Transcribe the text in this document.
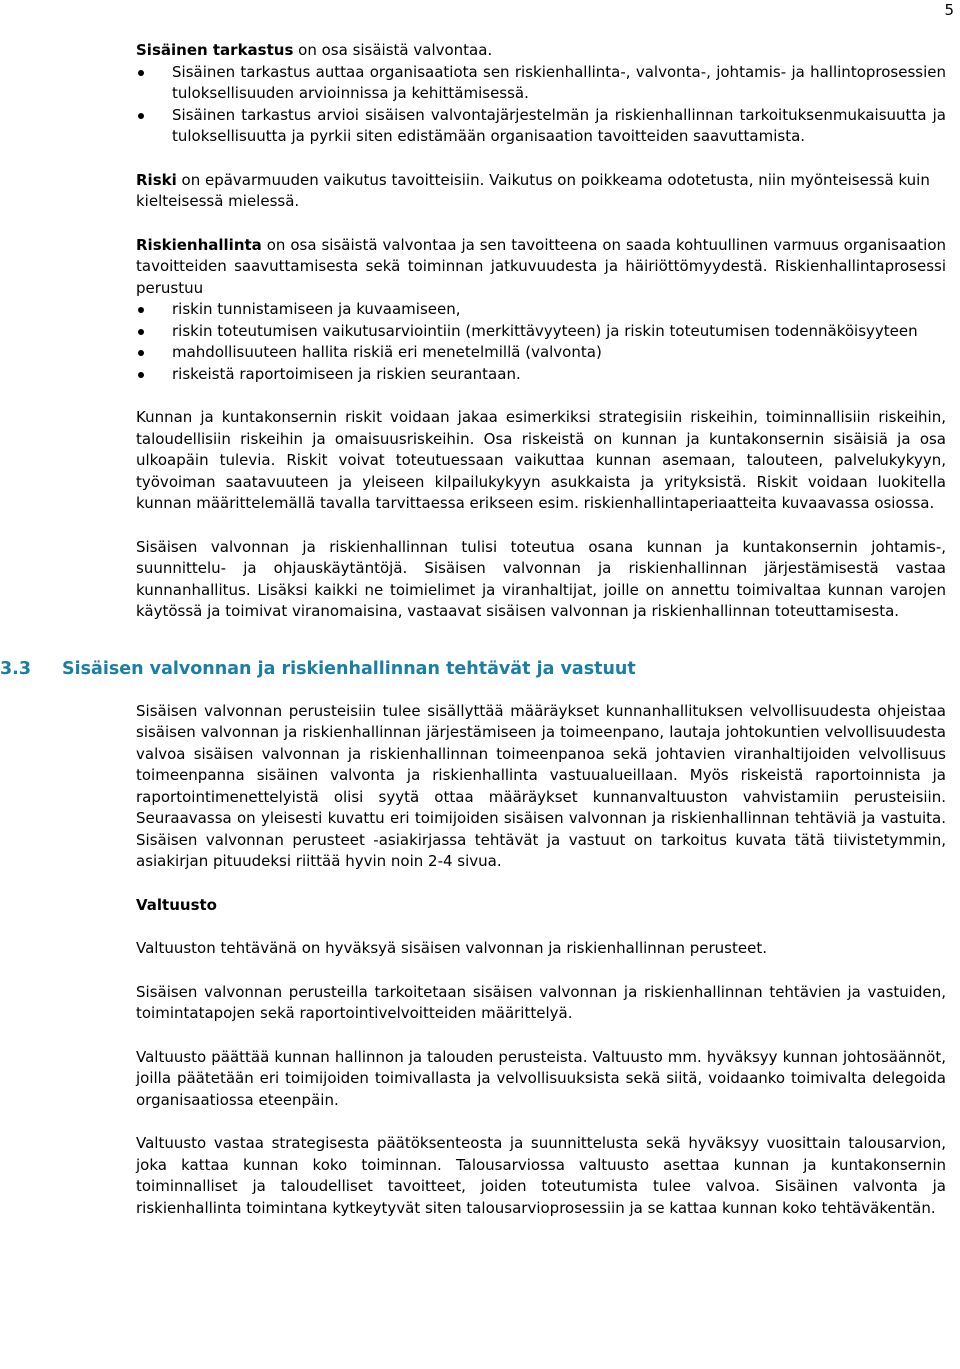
5

Sisäinen tarkastus on osa sisäistä valvontaa.

Sisäinen tarkastus auttaa organisaatiota sen riskienhallinta-, valvonta-, johtamis- ja hallintoprosessien tuloksellisuuden arvioinnissa ja kehittämisessä.
Sisäinen tarkastus arvioi sisäisen valvontajärjestelmän ja riskienhallinnan tarkoituksenmukaisuutta ja tuloksellisuutta ja pyrkii siten edistämään organisaation tavoitteiden saavuttamista.

Riski on epävarmuuden vaikutus tavoitteisiin. Vaikutus on poikkeama odotetusta, niin myönteisessä kuin kielteisessä mielessä.

Riskienhallinta on osa sisäistä valvontaa ja sen tavoitteena on saada kohtuullinen varmuus organisaation tavoitteiden saavuttamisesta sekä toiminnan jatkuvuudesta ja häiriöttömyydestä. Riskienhallintaprosessi perustuu

riskin tunnistamiseen ja kuvaamiseen,
riskin toteutumisen vaikutusarviointiin (merkittävyyteen) ja riskin toteutumisen todennäköisyyteen
mahdollisuuteen hallita riskiä eri menetelmillä (valvonta)
riskeistä raportoimiseen ja riskien seurantaan.

Kunnan ja kuntakonsernin riskit voidaan jakaa esimerkiksi strategisiin riskeihin, toiminnallisiin riskeihin, taloudellisiin riskeihin ja omaisuusriskeihin. Osa riskeistä on kunnan ja kuntakonsernin sisäisiä ja osa ulkoapäin tulevia. Riskit voivat toteutuessaan vaikuttaa kunnan asemaan, talouteen, palvelukykyyn, työvoiman saatavuuteen ja yleiseen kilpailukykyyn asukkaista ja yrityksistä. Riskit voidaan luokitella kunnan määrittelemällä tavalla tarvittaessa erikseen esim. riskienhallintaperiaatteita kuvaavassa osiossa.

Sisäisen valvonnan ja riskienhallinnan tulisi toteutua osana kunnan ja kuntakonsernin johtamis-, suunnittelu- ja ohjauskäytäntöjä. Sisäisen valvonnan ja riskienhallinnan järjestämisestä vastaa kunnanhallitus. Lisäksi kaikki ne toimielimet ja viranhaltijat, joille on annettu toimivaltaa kunnan varojen käytössä ja toimivat viranomaisina, vastaavat sisäisen valvonnan ja riskienhallinnan toteuttamisesta.

3.3 Sisäisen valvonnan ja riskienhallinnan tehtävät ja vastuut

Sisäisen valvonnan perusteisiin tulee sisällyttää määräykset kunnanhallituksen velvollisuudesta ohjeistaa sisäisen valvonnan ja riskienhallinnan järjestämiseen ja toimeenpano, lautaja johtokuntien velvollisuudesta valvoa sisäisen valvonnan ja riskienhallinnan toimeenpanoa sekä johtavien viranhaltijoiden velvollisuus toimeenpanna sisäinen valvonta ja riskienhallinta vastuualueillaan. Myös riskeistä raportoinnista ja raportointimenettelyistä olisi syytä ottaa määräykset kunnanvaltuuston vahvistamiin perusteisiin. Seuraavassa on yleisesti kuvattu eri toimijoiden sisäisen valvonnan ja riskienhallinnan tehtäviä ja vastuita. Sisäisen valvonnan perusteet -asiakirjassa tehtävät ja vastuut on tarkoitus kuvata tätä tiivistetymmin, asiakirjan pituudeksi riittää hyvin noin 2-4 sivua.

Valtuusto

Valtuuston tehtävänä on hyväksyä sisäisen valvonnan ja riskienhallinnan perusteet.

Sisäisen valvonnan perusteilla tarkoitetaan sisäisen valvonnan ja riskienhallinnan tehtävien ja vastuiden, toimintatapojen sekä raportointivelvoitteiden määrittelyä.

Valtuusto päättää kunnan hallinnon ja talouden perusteista. Valtuusto mm. hyväksyy kunnan johtosäännöt, joilla päätetään eri toimijoiden toimivallasta ja velvollisuuksista sekä siitä, voidaanko toimivalta delegoida organisaatiossa eteenpäin.

Valtuusto vastaa strategisesta päätöksenteosta ja suunnittelusta sekä hyväksyy vuosittain talousarvion, joka kattaa kunnan koko toiminnan. Talousarviossa valtuusto asettaa kunnan ja kuntakonsernin toiminnalliset ja taloudelliset tavoitteet, joiden toteutumista tulee valvoa. Sisäinen valvonta ja riskienhallinta toimintana kytkeytyvät siten talousarvioprosessiin ja se kattaa kunnan koko tehtäväkentän.
